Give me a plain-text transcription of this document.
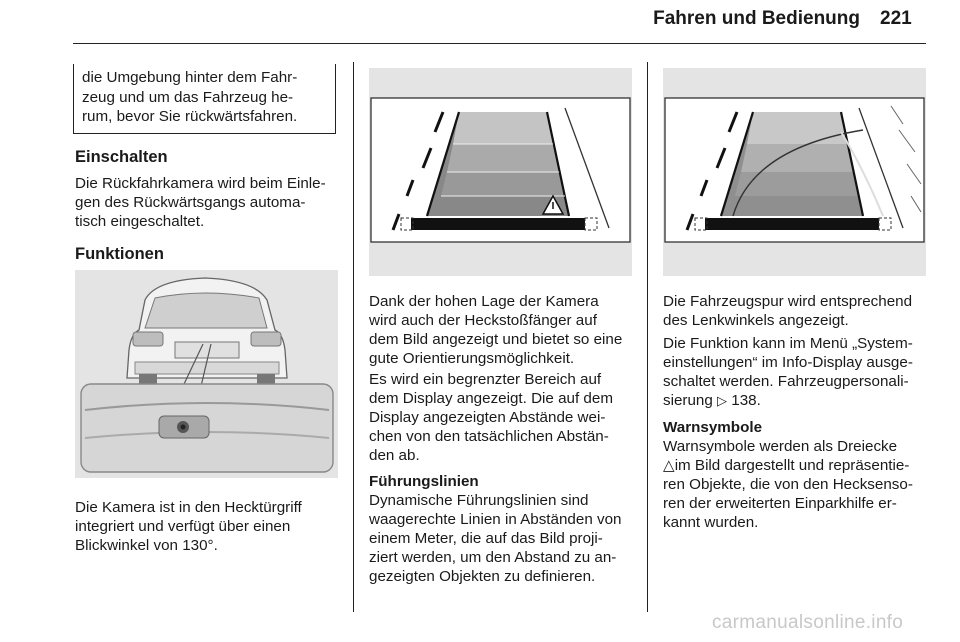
Fahren und Bedienung 221

die Umgebung hinter dem Fahr-

zeug und um das Fahrzeug he-

rum, bevor Sie rückwärtsfahren.

Einschalten

Die Rückfahrkamera wird beim Einle-

gen des Rückwärtsgangs automa-

tisch eingeschaltet.

Funktionen

Die Kamera ist in den Hecktürgriff

integriert und verfügt über einen

Blickwinkel von 130°.

Dank der hohen Lage der Kamera

wird auch der Heckstoßfänger auf

dem Bild angezeigt und bietet so eine

gute Orientierungsmöglichkeit.

Es wird ein begrenzter Bereich auf

dem Display angezeigt. Die auf dem

Display angezeigten Abstände wei-

chen von den tatsächlichen Abstän-

den ab.

Führungslinien

Dynamische Führungslinien sind

waagerechte Linien in Abständen von

einem Meter, die auf das Bild proji-

ziert werden, um den Abstand zu an-

gezeigten Objekten zu definieren.

Die Fahrzeugspur wird entsprechend

des Lenkwinkels angezeigt.

Die Funktion kann im Menü „System-

einstellungen“ im Info-Display ausge-

schaltet werden. Fahrzeugpersonali-

sierung ▷ 138.

Warnsymbole

Warnsymbole werden als Dreiecke

△im Bild dargestellt und repräsentie-

ren Objekte, die von den Hecksenso-

ren der erweiterten Einparkhilfe er-

kannt wurden.

carmanualsonline.info
